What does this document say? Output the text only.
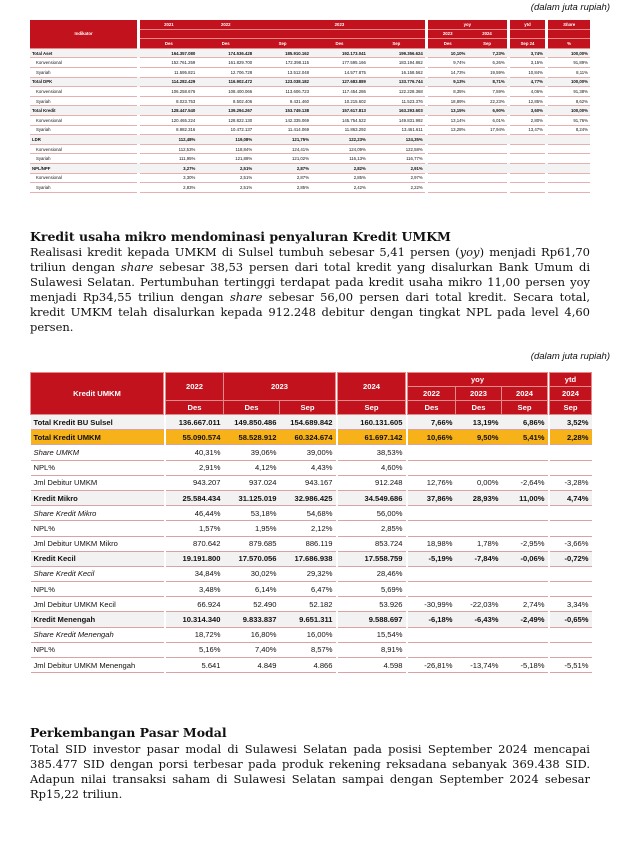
(dalam juta rupiah)
Indikator		2021	2022	2023				yoy			ytd		Share
								2023	2024				
		Des	Des	Sep	Des	Sep		Des	Sep		Sep 24		%
Total Aset		164.357.080	174.536.428	185.910.162	192.173.041	199.356.624		10,10%	7,23%		3,74%		100,00%
Konvensional		152.761.259	161.829.700	172.398.115	177.595.166	183.194.862		9,74%	6,26%		3,15%		91,89%
Syariah		11.595.821	12.706.728	13.512.048	14.577.875	16.158.562		14,73%	19,59%		10,84%		8,11%
Total DPK		114.282.429	116.902.472	123.038.182	127.683.889	133.776.744		9,13%	8,71%		4,77%		100,00%
Konvensional		106.258.676	108.400.066	113.606.723	117.454.286	122.228.368		8,35%	7,59%		4,06%		91,38%
Syariah		8.023.753	8.502.406	9.431.460	10.215.602	11.523.376		18,89%	22,23%		12,85%		8,62%
Total Kredit		128.447.540	139.294.267	153.749.138	157.617.813	163.293.603		13,15%	6,90%		3,60%		100,00%
Konvensional		120.465.224	128.822.130	142.335.069	145.754.522	149.831.992		13,14%	6,01%		2,80%		91,76%
Syariah		8.982.316	10.472.137	11.414.069	11.863.292	13.461.611		13,28%	17,94%		13,47%		8,24%
LDR		112,48%	119,08%	121,75%	122,23%	124,35%							
Konvensional		112,53%	118,84%	124,41%	124,09%	122,58%							
Syariah		111,95%	121,88%	121,02%	116,13%	116,77%							
NPL/NPF		3,27%	2,51%	2,87%	2,82%	2,91%							
Konvensional		3,30%	2,51%	2,87%	2,85%	2,97%							
Syariah		2,83%	2,51%	2,85%	2,42%	2,22%							
Kredit usaha mikro mendominasi penyaluran Kredit UMKM
Realisasi kredit kepada UMKM di Sulsel tumbuh sebesar 5,41 persen (yoy) menjadi Rp61,70 triliun dengan share sebesar 38,53 persen dari total kredit yang disalurkan Bank Umum di Sulawesi Selatan. Pertumbuhan tertinggi terdapat pada kredit usaha mikro 11,00 persen yoy menjadi Rp34,55 triliun dengan share sebesar 56,00 persen dari total kredit. Secara total, kredit UMKM telah disalurkan kepada 912.248 debitur dengan tingkat NPL pada level 4,60 persen.
(dalam juta rupiah)
Kredit UMKM		2022	2023			2024		yoy				ytd
								2022	2023	2024		2024
		Des	Des	Sep		Sep		Des	Des	Sep		Sep
Total Kredit BU Sulsel		136.667.011	149.850.486	154.689.842		160.131.605		7,66%	13,19%	6,86%		3,52%
Total Kredit UMKM		55.090.574	58.528.912	60.324.674		61.697.142		10,66%	9,50%	5,41%		2,28%
Share UMKM		40,31%	39,06%	39,00%		38,53%						
NPL%		2,91%	4,12%	4,43%		4,60%						
Jml Debitur UMKM		943.207	937.024	943.167		912.248		12,76%	0,00%	-2,64%		-3,28%
Kredit Mikro		25.584.434	31.125.019	32.986.425		34.549.686		37,86%	28,93%	11,00%		4,74%
Share Kredit Mikro		46,44%	53,18%	54,68%		56,00%						
NPL%		1,57%	1,95%	2,12%		2,85%						
Jml Debitur UMKM Mikro		870.642	879.685	886.119		853.724		18,98%	1,78%	-2,95%		-3,66%
Kredit Kecil		19.191.800	17.570.056	17.686.938		17.558.759		-5,19%	-7,84%	-0,06%		-0,72%
Share Kredit Kecil		34,84%	30,02%	29,32%		28,46%						
NPL%		3,48%	6,14%	6,47%		5,69%						
Jml Debitur UMKM Kecil		66.924	52.490	52.182		53.926		-30,99%	-22,03%	2,74%		3,34%
Kredit Menengah		10.314.340	9.833.837	9.651.311		9.588.697		-6,18%	-6,43%	-2,49%		-0,65%
Share Kredit Menengah		18,72%	16,80%	16,00%		15,54%						
NPL%		5,16%	7,40%	8,57%		8,91%						
Jml Debitur UMKM Menengah		5.641	4.849	4.866		4.598		-26,81%	-13,74%	-5,18%		-5,51%
Perkembangan Pasar Modal
Total SID investor pasar modal di Sulawesi Selatan pada posisi September 2024 mencapai 385.477 SID dengan porsi terbesar pada produk rekening reksadana sebanyak 369.438 SID. Adapun nilai transaksi saham di Sulawesi Selatan sampai dengan September 2024 sebesar Rp15,22 triliun.
